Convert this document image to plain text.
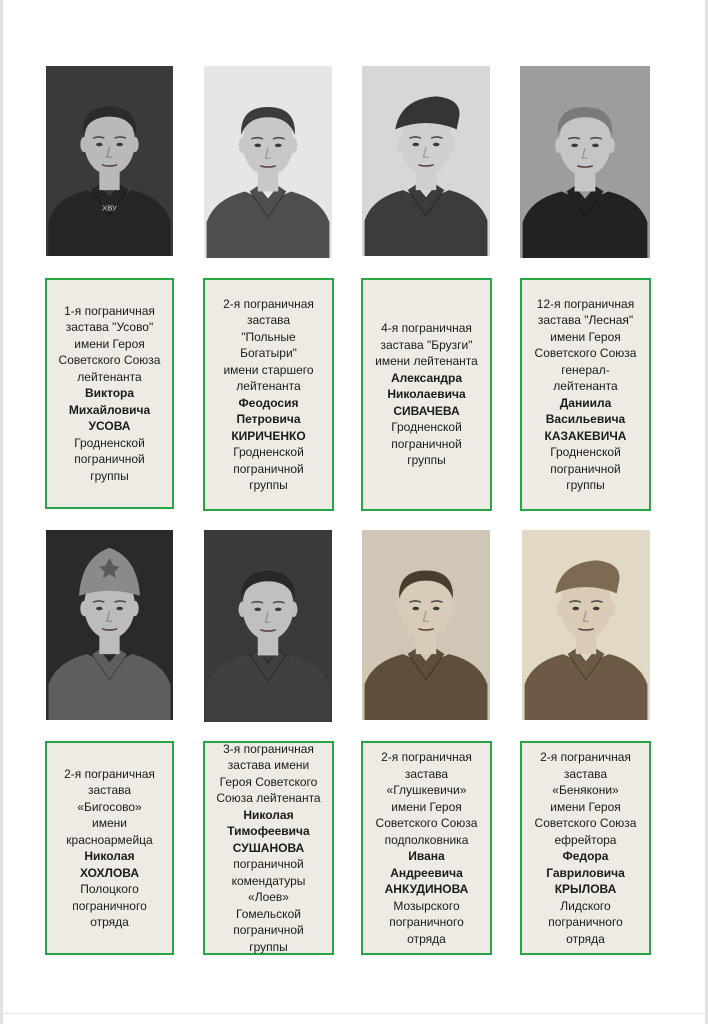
ХВУ
1-я пограничная
застава "Усово"
имени Героя
Советского Союза
лейтенанта
Виктора
Михайловича
УСОВА
Гродненской
пограничной
группы
2-я пограничная
застава
"Польные
Богатыри"
имени старшего
лейтенанта
Феодосия
Петровича
КИРИЧЕНКО
Гродненской
пограничной
группы
4-я пограничная
застава "Брузги"
имени лейтенанта
Александра
Николаевича
СИВАЧЕВА
Гродненской
пограничной
группы
12-я пограничная
застава "Лесная"
имени Героя
Советского Союза
генерал-
лейтенанта
Даниила
Васильевича
КАЗАКЕВИЧА
Гродненской
пограничной
группы
2-я пограничная
застава
«Бигосово»
имени
красноармейца
Николая
ХОХЛОВА
Полоцкого
пограничного
отряда
3-я пограничная
застава имени
Героя Советского
Союза лейтенанта
Николая
Тимофеевича
СУШАНОВА
пограничной
комендатуры
«Лоев»
Гомельской
пограничной
группы
2-я пограничная
застава
«Глушкевичи»
имени Героя
Советского Союза
подполковника
Ивана
Андреевича
АНКУДИНОВА
Мозырского
пограничного
отряда
2-я пограничная
застава
«Бенякони»
имени Героя
Советского Союза
ефрейтора
Федора
Гавриловича
КРЫЛОВА
Лидского
пограничного
отряда
